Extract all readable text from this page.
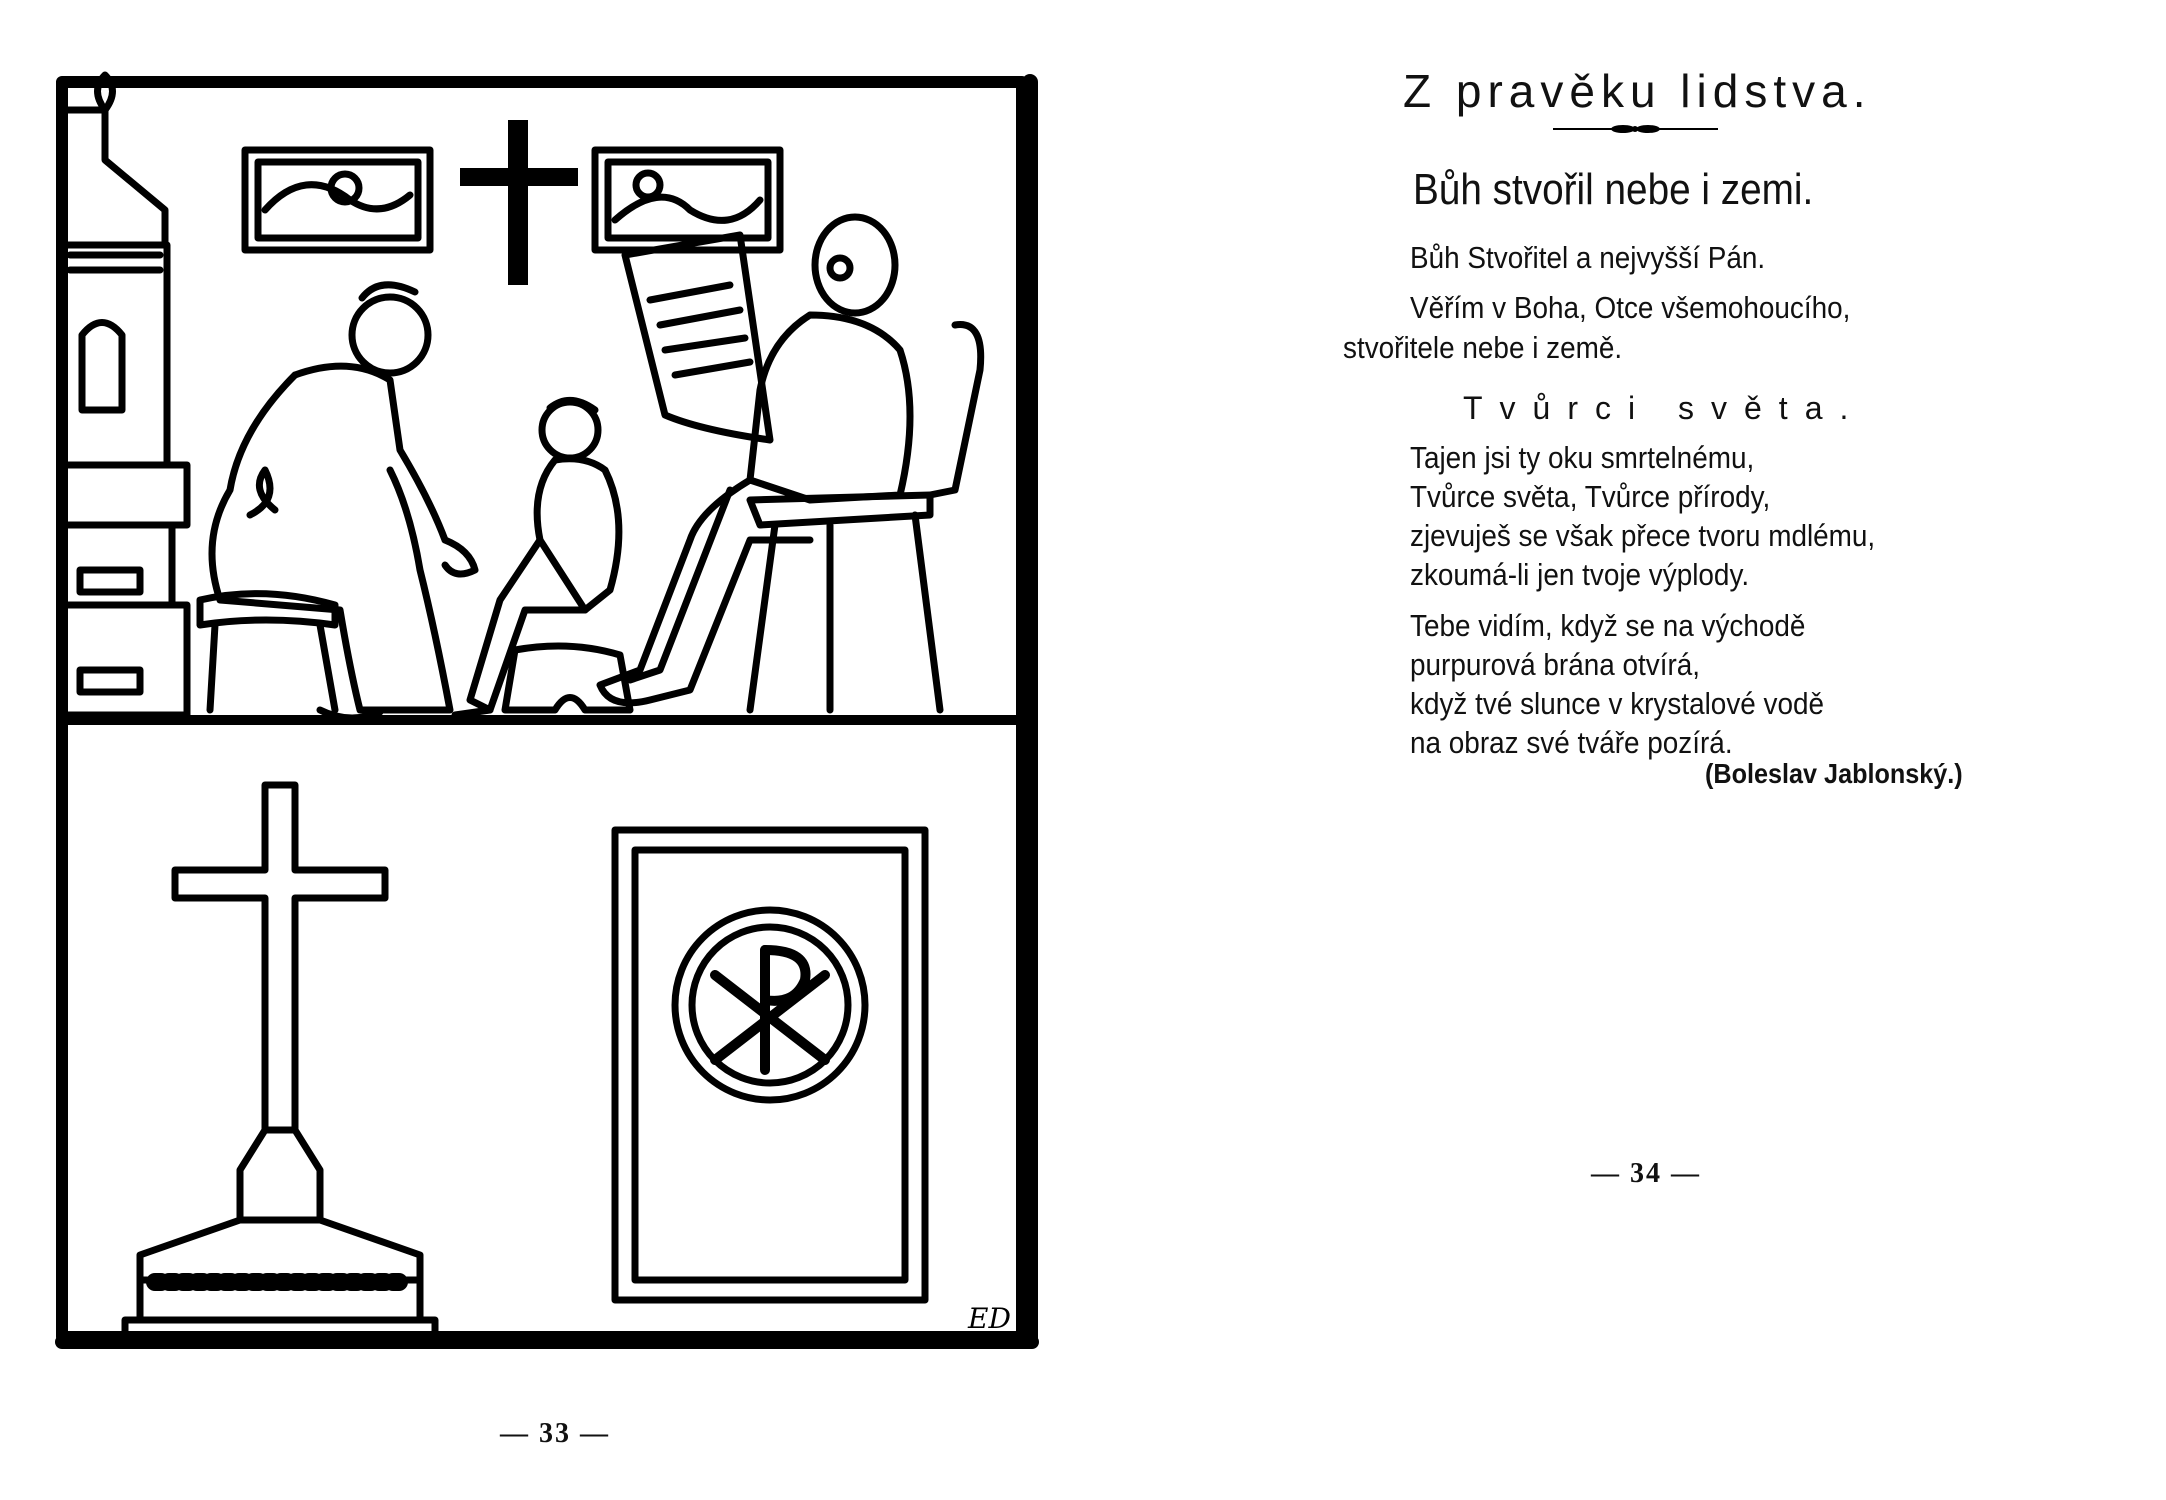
ED
— 33 —
Z pravěku lidstva.
Bůh stvořil nebe i zemi.
Bůh Stvořitel a nejvyšší Pán.
Věřím v Boha, Otce všemohoucího,
stvořitele nebe i země.
Tvůrci světa.
Tajen jsi ty oku smrtelnému,
Tvůrce světa, Tvůrce přírody,
zjevuješ se však přece tvoru mdlému,
zkoumá-li jen tvoje výplody.
Tebe vidím, když se na východě
purpurová brána otvírá,
když tvé slunce v krystalové vodě
na obraz své tváře pozírá.
(Boleslav Jablonský.)
— 34 —
